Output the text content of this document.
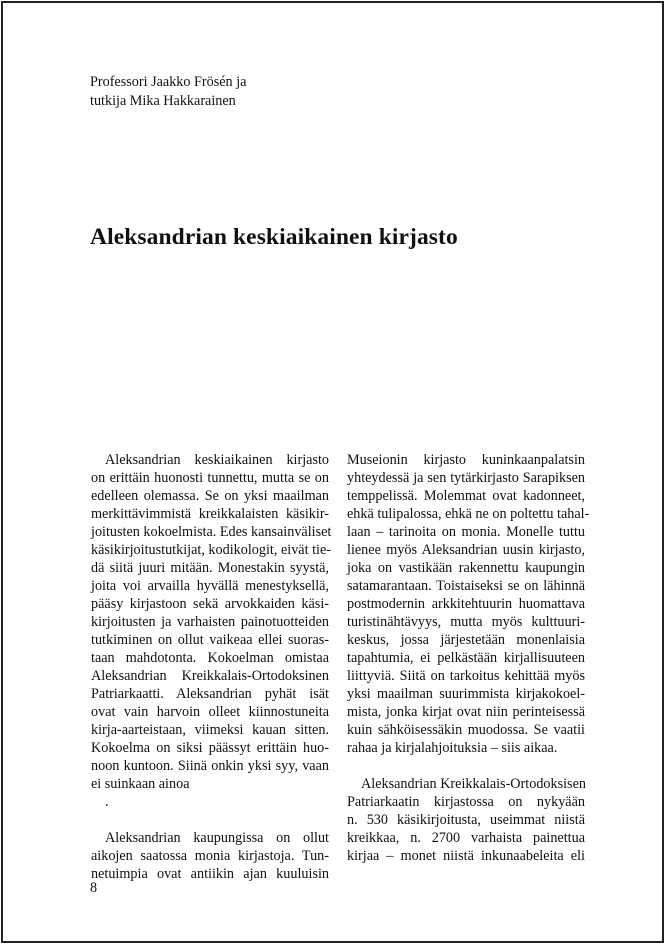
Professori Jaakko Frösén ja
tutkija Mika Hakkarainen
Aleksandrian keskiaikainen kirjasto
Aleksandrian keskiaikainen kirjasto
on erittäin huonosti tunnettu, mutta se on
edelleen olemassa. Se on yksi maailman
merkittävimmistä kreikkalaisten käsikir-
joitusten kokoelmista. Edes kansainväliset
käsikirjoitustutkijat, kodikologit, eivät tie-
dä siitä juuri mitään. Monestakin syystä,
joita voi arvailla hyvällä menestyksellä,
pääsy kirjastoon sekä arvokkaiden käsi-
kirjoitusten ja varhaisten painotuotteiden
tutkiminen on ollut vaikeaa ellei suoras-
taan mahdotonta. Kokoelman omistaa
Aleksandrian Kreikkalais-Ortodoksinen
Patriarkaatti. Aleksandrian pyhät isät
ovat vain harvoin olleet kiinnostuneita
kirja-aarteistaan, viimeksi kauan sitten.
Kokoelma on siksi päässyt erittäin huo-
noon kuntoon. Siinä onkin yksi syy, vaan
ei suinkaan ainoa
.
Aleksandrian kaupungissa on ollut
aikojen saatossa monia kirjastoja. Tun-
netuimpia ovat antiikin ajan kuuluisin
Museionin kirjasto kuninkaanpalatsin
yhteydessä ja sen tytärkirjasto Sarapiksen
temppelissä. Molemmat ovat kadonneet,
ehkä tulipalossa, ehkä ne on poltettu tahal-
laan – tarinoita on monia. Monelle tuttu
lienee myös Aleksandrian uusin kirjasto,
joka on vastikään rakennettu kaupungin
satamarantaan. Toistaiseksi se on lähinnä
postmodernin arkkitehtuurin huomattava
turistinähtävyys, mutta myös kulttuuri-
keskus, jossa järjestetään monenlaisia
tapahtumia, ei pelkästään kirjallisuuteen
liittyviä. Siitä on tarkoitus kehittää myös
yksi maailman suurimmista kirjakokoel-
mista, jonka kirjat ovat niin perinteisessä
kuin sähköisessäkin muodossa. Se vaatii
rahaa ja kirjalahjoituksia – siis aikaa.
Aleksandrian Kreikkalais-Ortodoksisen
Patriarkaatin kirjastossa on nykyään
n. 530 käsikirjoitusta, useimmat niistä
kreikkaa, n. 2700 varhaista painettua
kirjaa – monet niistä inkunaabeleita eli
8
